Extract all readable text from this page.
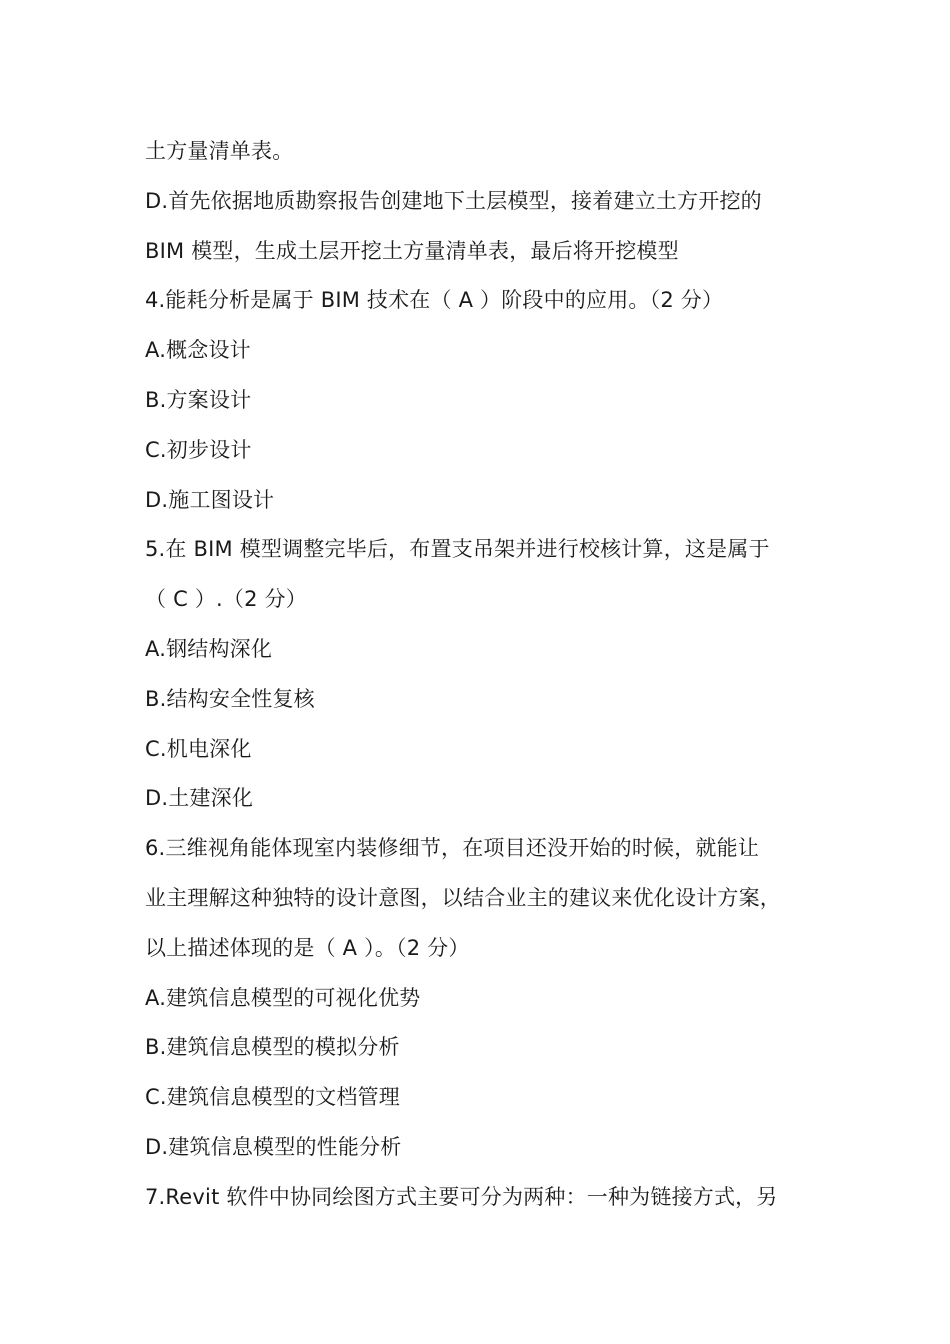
土方量清单表。
D.首先依据地质勘察报告创建地下土层模型，接着建立土方开挖的
BIM 模型，生成土层开挖土方量清单表，最后将开挖模型
4.能耗分析是属于 BIM 技术在（ A ）阶段中的应用。（2 分）
A.概念设计
B.方案设计
C.初步设计
D.施工图设计
5.在 BIM 模型调整完毕后，布置支吊架并进行校核计算，这是属于
（ C ）.（2 分）
A.钢结构深化
B.结构安全性复核
C.机电深化
D.土建深化
6.三维视角能体现室内装修细节，在项目还没开始的时候，就能让
业主理解这种独特的设计意图，以结合业主的建议来优化设计方案，
以上描述体现的是（ A ）。（2 分）
A.建筑信息模型的可视化优势
B.建筑信息模型的模拟分析
C.建筑信息模型的文档管理
D.建筑信息模型的性能分析
7.Revit 软件中协同绘图方式主要可分为两种：一种为链接方式，另
